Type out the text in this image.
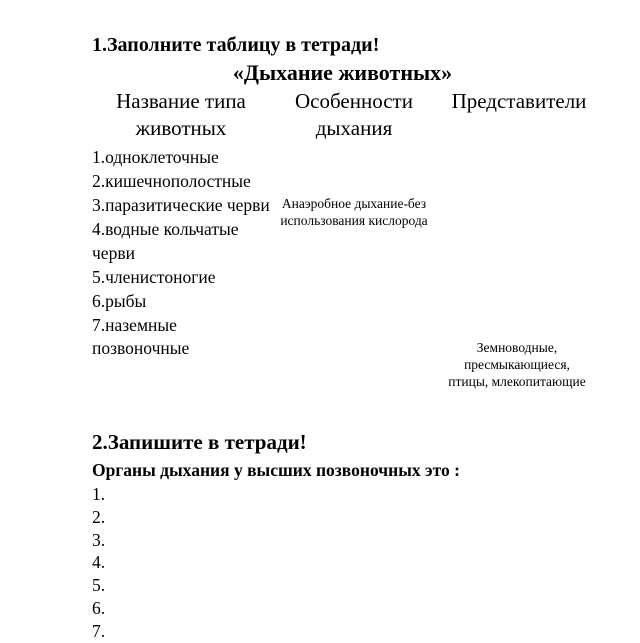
1.Заполните таблицу в тетради!
«Дыхание животных»
Название типа
животных
Особенности
дыхания
Представители
1.одноклеточные
2.кишечнополостные
3.паразитические черви
4.водные кольчатые черви
5.членистоногие
6.рыбы
7.наземные позвоночные
Анаэробное дыхание-без использования кислорода
Земноводные, пресмыкающиеся, птицы, млекопитающие
2.Запишите в тетради!
Органы дыхания у высших позвоночных это :
1.
2.
3.
4.
5.
6.
7.
